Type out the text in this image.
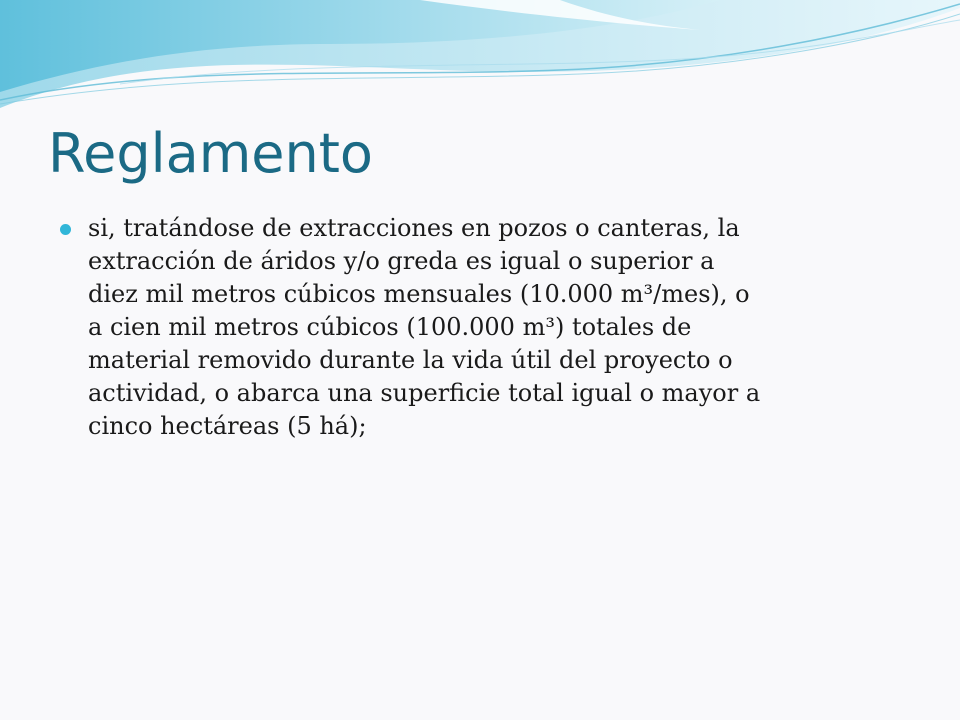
Reglamento
si, tratándose de extracciones en pozos o canteras, la
extracción de áridos y/o greda es igual o superior a
diez mil metros cúbicos mensuales (10.000 m³/mes), o
a cien mil metros cúbicos (100.000 m³) totales de
material removido durante la vida útil del proyecto o
actividad, o abarca una superficie total igual o mayor a
cinco hectáreas (5 há);
